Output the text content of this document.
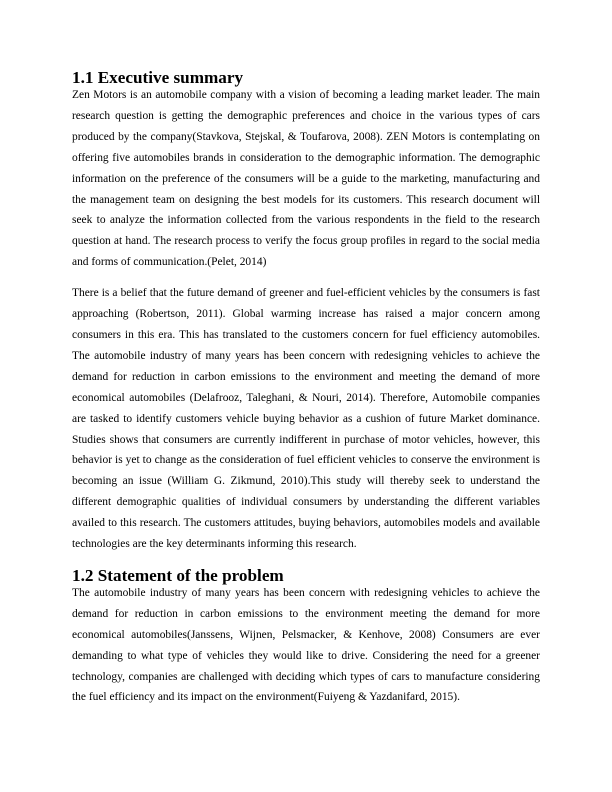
1.1 Executive summary

Zen Motors is an automobile company with a vision of becoming a leading market leader. The main research question is getting the demographic preferences and choice in the various types of cars produced by the company(Stavkova, Stejskal, & Toufarova, 2008). ZEN Motors is contemplating on offering five automobiles brands in consideration to the demographic information. The demographic information on the preference of the consumers will be a guide to the marketing, manufacturing and the management team on designing the best models for its customers. This research document will seek to analyze the information collected from the various respondents in the field to the research question at hand. The research process to verify the focus group profiles in regard to the social media and forms of communication.(Pelet, 2014)

There is a belief that the future demand of greener and fuel-efficient vehicles by the consumers is fast approaching (Robertson, 2011). Global warming increase has raised a major concern among consumers in this era. This has translated to the customers concern for fuel efficiency automobiles. The automobile industry of many years has been concern with redesigning vehicles to achieve the demand for reduction in carbon emissions to the environment and meeting the demand of more economical automobiles (Delafrooz, Taleghani, & Nouri, 2014). Therefore, Automobile companies are tasked to identify customers vehicle buying behavior as a cushion of future Market dominance. Studies shows that consumers are currently indifferent in purchase of motor vehicles, however, this behavior is yet to change as the consideration of fuel efficient vehicles to conserve the environment is becoming an issue (William G. Zikmund, 2010).This study will thereby seek to understand the different demographic qualities of individual consumers by understanding the different variables availed to this research. The customers attitudes, buying behaviors, automobiles models and available technologies are the key determinants informing this research.

1.2 Statement of the problem

The automobile industry of many years has been concern with redesigning vehicles to achieve the demand for reduction in carbon emissions to the environment meeting the demand for more economical automobiles(Janssens, Wijnen, Pelsmacker, & Kenhove, 2008) Consumers are ever demanding to what type of vehicles they would like to drive. Considering the need for a greener technology, companies are challenged with deciding which types of cars to manufacture considering the fuel efficiency and its impact on the environment(Fuiyeng & Yazdanifard, 2015).
